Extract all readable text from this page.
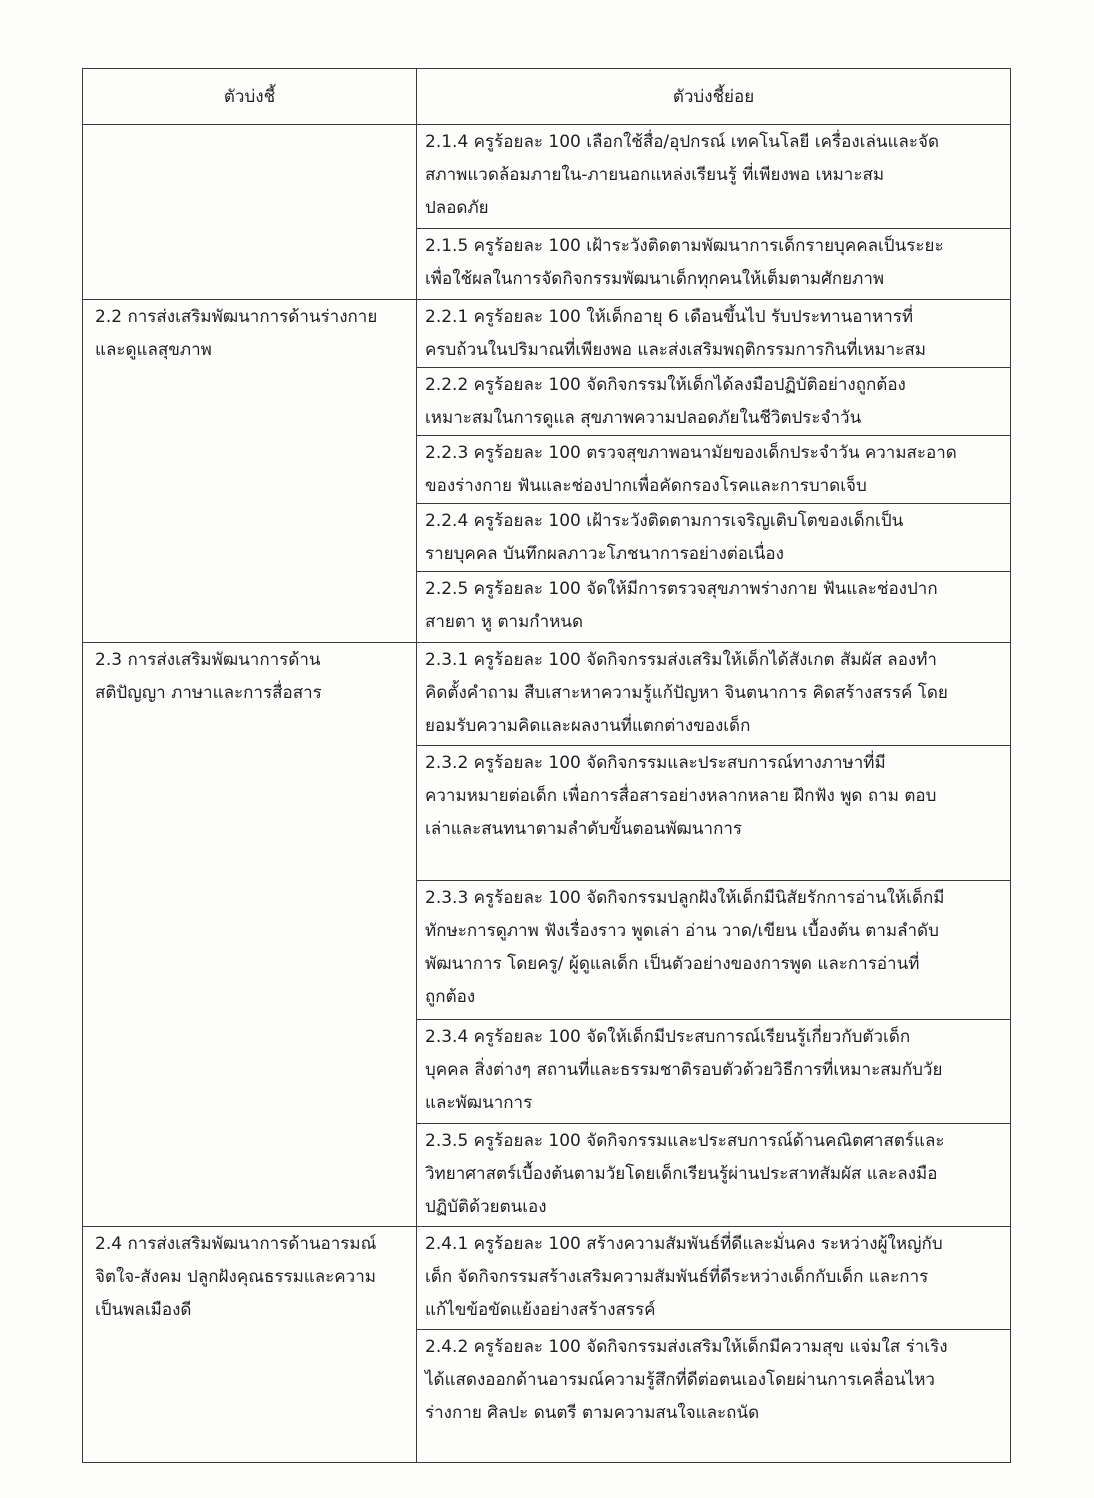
ตัวบ่งชี้	ตัวบ่งชี้ย่อย

	2.1.4 ครูร้อยละ 100 เลือกใช้สื่อ/อุปกรณ์ เทคโนโลยี เครื่องเล่นและจัด
สภาพแวดล้อมภายใน-ภายนอกแหล่งเรียนรู้ ที่เพียงพอ เหมาะสม
ปลอดภัย

	2.1.5 ครูร้อยละ 100 เฝ้าระวังติดตามพัฒนาการเด็กรายบุคคลเป็นระยะ
เพื่อใช้ผลในการจัดกิจกรรมพัฒนาเด็กทุกคนให้เต็มตามศักยภาพ

2.2 การส่งเสริมพัฒนาการด้านร่างกาย
และดูแลสุขภาพ	2.2.1 ครูร้อยละ 100 ให้เด็กอายุ 6 เดือนขึ้นไป รับประทานอาหารที่
ครบถ้วนในปริมาณที่เพียงพอ และส่งเสริมพฤติกรรมการกินที่เหมาะสม

	2.2.2 ครูร้อยละ 100 จัดกิจกรรมให้เด็กได้ลงมือปฏิบัติอย่างถูกต้อง
เหมาะสมในการดูแล สุขภาพความปลอดภัยในชีวิตประจำวัน

	2.2.3 ครูร้อยละ 100 ตรวจสุขภาพอนามัยของเด็กประจำวัน ความสะอาด
ของร่างกาย ฟันและช่องปากเพื่อคัดกรองโรคและการบาดเจ็บ

	2.2.4 ครูร้อยละ 100 เฝ้าระวังติดตามการเจริญเติบโตของเด็กเป็น
รายบุคคล บันทึกผลภาวะโภชนาการอย่างต่อเนื่อง

	2.2.5 ครูร้อยละ 100 จัดให้มีการตรวจสุขภาพร่างกาย ฟันและช่องปาก
สายตา หู ตามกำหนด

2.3 การส่งเสริมพัฒนาการด้าน
สติปัญญา ภาษาและการสื่อสาร	2.3.1 ครูร้อยละ 100 จัดกิจกรรมส่งเสริมให้เด็กได้สังเกต สัมผัส ลองทำ
คิดตั้งคำถาม สืบเสาะหาความรู้แก้ปัญหา จินตนาการ คิดสร้างสรรค์ โดย
ยอมรับความคิดและผลงานที่แตกต่างของเด็ก

	2.3.2 ครูร้อยละ 100 จัดกิจกรรมและประสบการณ์ทางภาษาที่มี
ความหมายต่อเด็ก เพื่อการสื่อสารอย่างหลากหลาย ฝึกฟัง พูด ถาม ตอบ
เล่าและสนทนาตามลำดับขั้นตอนพัฒนาการ

	2.3.3 ครูร้อยละ 100 จัดกิจกรรมปลูกฝังให้เด็กมีนิสัยรักการอ่านให้เด็กมี
ทักษะการดูภาพ ฟังเรื่องราว พูดเล่า อ่าน วาด/เขียน เบื้องต้น ตามลำดับ
พัฒนาการ โดยครู/ ผู้ดูแลเด็ก เป็นตัวอย่างของการพูด และการอ่านที่
ถูกต้อง

	2.3.4 ครูร้อยละ 100 จัดให้เด็กมีประสบการณ์เรียนรู้เกี่ยวกับตัวเด็ก
บุคคล สิ่งต่างๆ สถานที่และธรรมชาติรอบตัวด้วยวิธีการที่เหมาะสมกับวัย
และพัฒนาการ

	2.3.5 ครูร้อยละ 100 จัดกิจกรรมและประสบการณ์ด้านคณิตศาสตร์และ
วิทยาศาสตร์เบื้องต้นตามวัยโดยเด็กเรียนรู้ผ่านประสาทสัมผัส และลงมือ
ปฏิบัติด้วยตนเอง

2.4 การส่งเสริมพัฒนาการด้านอารมณ์
จิตใจ-สังคม ปลูกฝังคุณธรรมและความ
เป็นพลเมืองดี	2.4.1 ครูร้อยละ 100 สร้างความสัมพันธ์ที่ดีและมั่นคง ระหว่างผู้ใหญ่กับ
เด็ก จัดกิจกรรมสร้างเสริมความสัมพันธ์ที่ดีระหว่างเด็กกับเด็ก และการ
แก้ไขข้อขัดแย้งอย่างสร้างสรรค์

	2.4.2 ครูร้อยละ 100 จัดกิจกรรมส่งเสริมให้เด็กมีความสุข แจ่มใส ร่าเริง
ได้แสดงออกด้านอารมณ์ความรู้สึกที่ดีต่อตนเองโดยผ่านการเคลื่อนไหว
ร่างกาย ศิลปะ ดนตรี ตามความสนใจและถนัด
